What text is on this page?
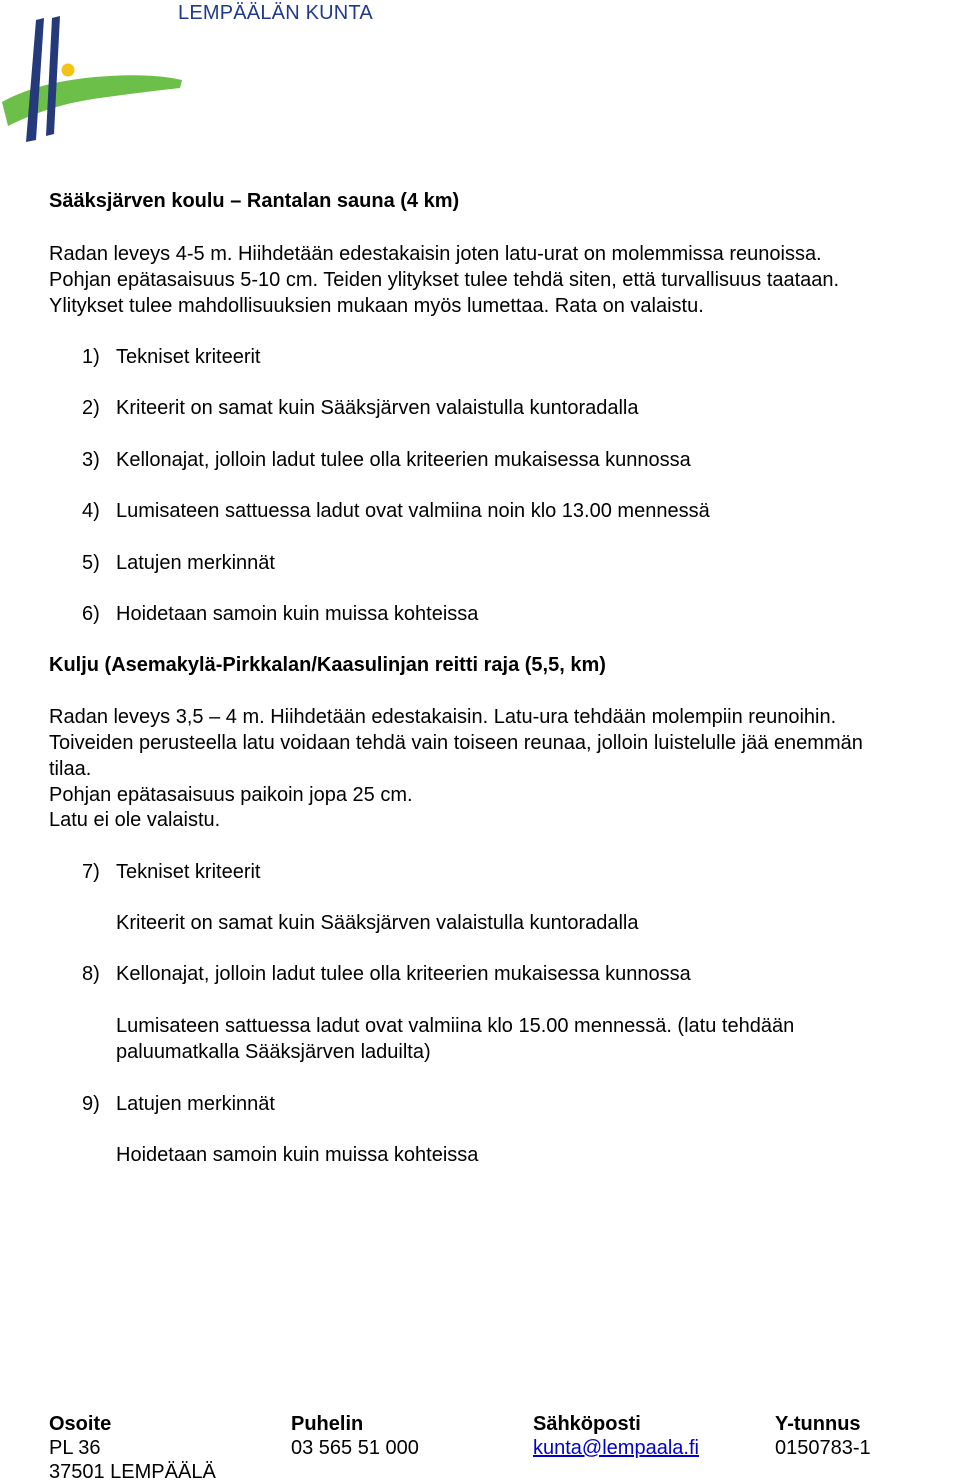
LEMPÄÄLÄN KUNTA
Sääksjärven koulu – Rantalan sauna (4 km)
Radan leveys 4-5 m. Hiihdetään edestakaisin joten latu-urat on molemmissa reunoissa.
Pohjan epätasaisuus 5-10 cm. Teiden ylitykset tulee tehdä siten, että turvallisuus taataan.
Ylitykset tulee mahdollisuuksien mukaan myös lumettaa. Rata on valaistu.
1) Tekniset kriteerit
2) Kriteerit on samat kuin Sääksjärven valaistulla kuntoradalla
3) Kellonajat, jolloin ladut tulee olla kriteerien mukaisessa kunnossa
4) Lumisateen sattuessa ladut ovat valmiina noin klo 13.00 mennessä
5) Latujen merkinnät
6) Hoidetaan samoin kuin muissa kohteissa
Kulju (Asemakylä-Pirkkalan/Kaasulinjan reitti raja (5,5, km)
Radan leveys 3,5 – 4 m. Hiihdetään edestakaisin. Latu-ura tehdään molempiin reunoihin.
Toiveiden perusteella latu voidaan tehdä vain toiseen reunaa, jolloin luistelulle jää enemmän
tilaa.
Pohjan epätasaisuus paikoin jopa 25 cm.
Latu ei ole valaistu.
7) Tekniset kriteerit
Kriteerit on samat kuin Sääksjärven valaistulla kuntoradalla
8) Kellonajat, jolloin ladut tulee olla kriteerien mukaisessa kunnossa
Lumisateen sattuessa ladut ovat valmiina klo 15.00 mennessä. (latu tehdään
paluumatkalla Sääksjärven laduilta)
9) Latujen merkinnät
Hoidetaan samoin kuin muissa kohteissa
Osoite
PL 36
37501 LEMPÄÄLÄ
Puhelin
03 565 51 000
Sähköposti
kunta@lempaala.fi
Y-tunnus
0150783-1
